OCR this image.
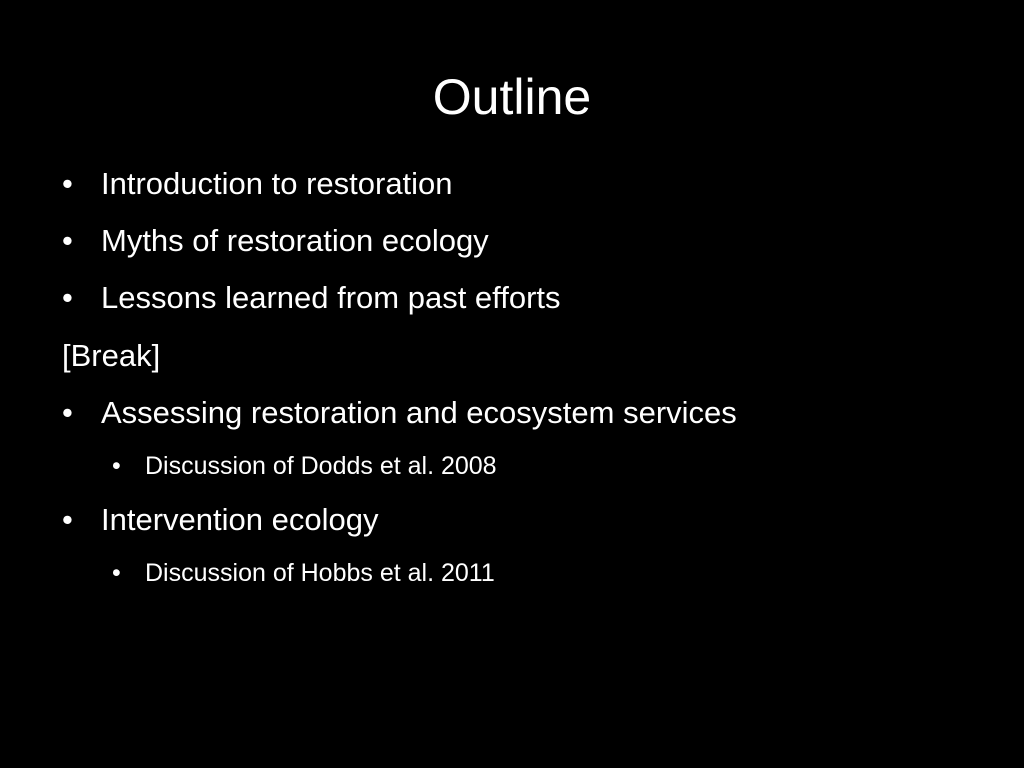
Outline
• Introduction to restoration
• Myths of restoration ecology
• Lessons learned from past efforts
[Break]
• Assessing restoration and ecosystem services
• Discussion of Dodds et al. 2008
• Intervention ecology
• Discussion of Hobbs et al. 2011
